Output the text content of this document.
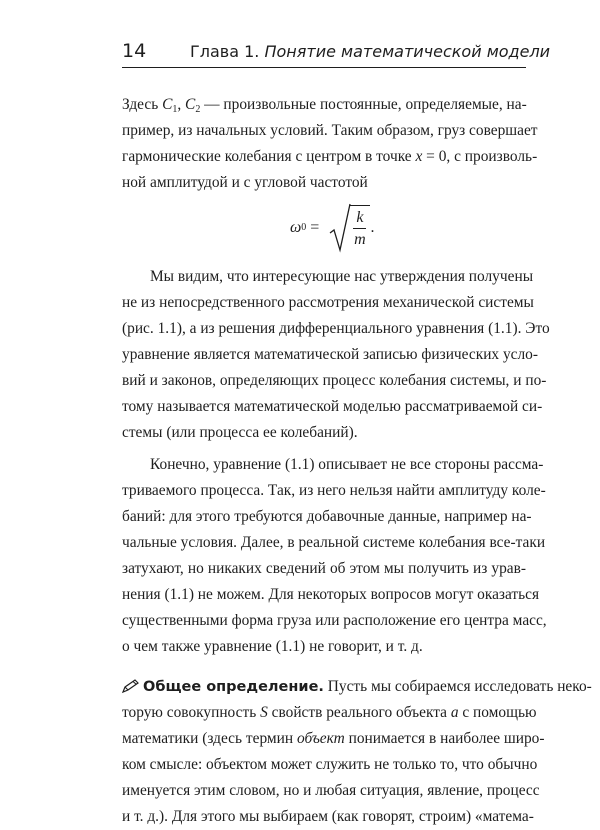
14	Глава 1. Понятие математической модели
Здесь $C_1$, $C_2$ — произвольные постоянные, определяемые, на-
пример, из начальных условий. Таким образом, груз совершает
гармонические колебания с центром в точке x = 0, с произволь-
ной амплитудой и с угловой частотой
ω $0 = \frac{k}{m}$ .
Мы видим, что интересующие нас утверждения получены
не из непосредственного рассмотрения механической системы
(рис. 1.1), а из решения дифференциального уравнения (1.1). Это
уравнение является математической записью физических усло-
вий и законов, определяющих процесс колебания системы, и по-
тому называется математической моделью рассматриваемой си-
стемы (или процесса ее колебаний).
Конечно, уравнение (1.1) описывает не все стороны рассма-
триваемого процесса. Так, из него нельзя найти амплитуду коле-
баний: для этого требуются добавочные данные, например на-
чальные условия. Далее, в реальной системе колебания все-таки
затухают, но никаких сведений об этом мы получить из урав-
нения (1.1) не можем. Для некоторых вопросов могут оказаться
существенными форма груза или расположение его центра масс,
о чем также уравнение (1.1) не говорит, и т. д.
Общее определение. Пусть мы собираемся исследовать неко-
торую совокупность S свойств реального объекта a с помощью
математики (здесь термин объект понимается в наиболее широ-
ком смысле: объектом может служить не только то, что обычно
именуется этим словом, но и любая ситуация, явление, процесс
и т. д.). Для этого мы выбираем (как говорят, строим) «матема-
